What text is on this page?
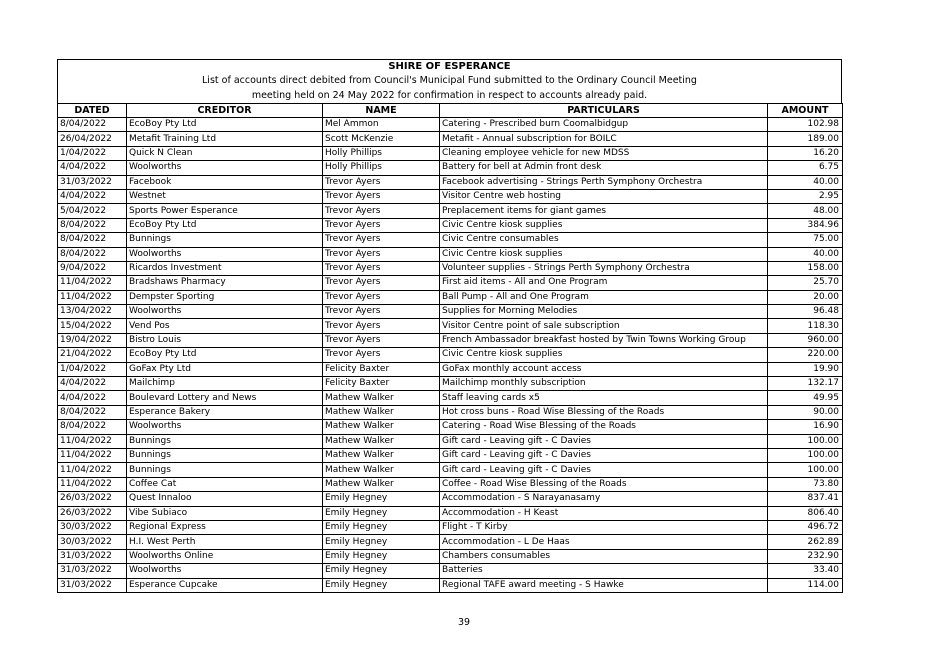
SHIRE OF ESPERANCE
List of accounts direct debited from Council's Municipal Fund submitted to the Ordinary Council Meeting
meeting held on 24 May 2022 for confirmation in respect to accounts already paid.
DATED	CREDITOR	NAME	PARTICULARS	AMOUNT
8/04/2022	EcoBoy Pty Ltd	Mel Ammon	Catering - Prescribed burn Coomalbidgup	102.98
26/04/2022	Metafit Training Ltd	Scott McKenzie	Metafit - Annual subscription for BOILC	189.00
1/04/2022	Quick N Clean	Holly Phillips	Cleaning employee vehicle for new MDSS	16.20
4/04/2022	Woolworths	Holly Phillips	Battery for bell at Admin front desk	6.75
31/03/2022	Facebook	Trevor Ayers	Facebook advertising - Strings Perth Symphony Orchestra	40.00
4/04/2022	Westnet	Trevor Ayers	Visitor Centre web hosting	2.95
5/04/2022	Sports Power Esperance	Trevor Ayers	Preplacement items for giant games	48.00
8/04/2022	EcoBoy Pty Ltd	Trevor Ayers	Civic Centre kiosk supplies	384.96
8/04/2022	Bunnings	Trevor Ayers	Civic Centre consumables	75.00
8/04/2022	Woolworths	Trevor Ayers	Civic Centre kiosk supplies	40.00
9/04/2022	Ricardos Investment	Trevor Ayers	Volunteer supplies - Strings Perth Symphony Orchestra	158.00
11/04/2022	Bradshaws Pharmacy	Trevor Ayers	First aid items - All and One Program	25.70
11/04/2022	Dempster Sporting	Trevor Ayers	Ball Pump - All and One Program	20.00
13/04/2022	Woolworths	Trevor Ayers	Supplies for Morning Melodies	96.48
15/04/2022	Vend Pos	Trevor Ayers	Visitor Centre point of sale subscription	118.30
19/04/2022	Bistro Louis	Trevor Ayers	French Ambassador breakfast hosted by Twin Towns Working Group	960.00
21/04/2022	EcoBoy Pty Ltd	Trevor Ayers	Civic Centre kiosk supplies	220.00
1/04/2022	GoFax Pty Ltd	Felicity Baxter	GoFax monthly account access	19.90
4/04/2022	Mailchimp	Felicity Baxter	Mailchimp monthly subscription	132.17
4/04/2022	Boulevard Lottery and News	Mathew Walker	Staff leaving cards x5	49.95
8/04/2022	Esperance Bakery	Mathew Walker	Hot cross buns - Road Wise Blessing of the Roads	90.00
8/04/2022	Woolworths	Mathew Walker	Catering - Road Wise Blessing of the Roads	16.90
11/04/2022	Bunnings	Mathew Walker	Gift card - Leaving gift - C Davies	100.00
11/04/2022	Bunnings	Mathew Walker	Gift card - Leaving gift - C Davies	100.00
11/04/2022	Bunnings	Mathew Walker	Gift card - Leaving gift - C Davies	100.00
11/04/2022	Coffee Cat	Mathew Walker	Coffee - Road Wise Blessing of the Roads	73.80
26/03/2022	Quest Innaloo	Emily Hegney	Accommodation - S Narayanasamy	837.41
26/03/2022	Vibe Subiaco	Emily Hegney	Accommodation - H Keast	806.40
30/03/2022	Regional Express	Emily Hegney	Flight - T Kirby	496.72
30/03/2022	H.I. West Perth	Emily Hegney	Accommodation - L De Haas	262.89
31/03/2022	Woolworths Online	Emily Hegney	Chambers consumables	232.90
31/03/2022	Woolworths	Emily Hegney	Batteries	33.40
31/03/2022	Esperance Cupcake	Emily Hegney	Regional TAFE award meeting - S Hawke	114.00
39
